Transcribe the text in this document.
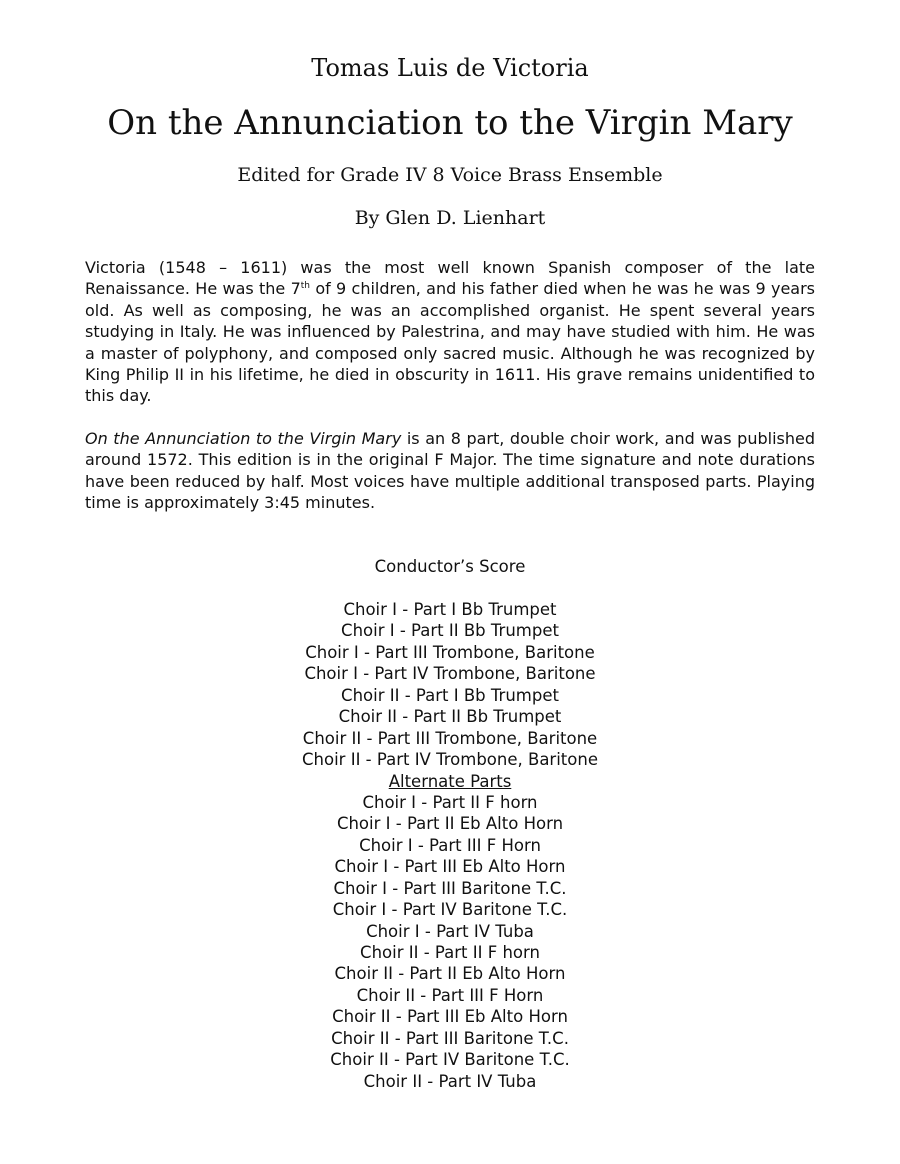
Tomas Luis de Victoria
On the Annunciation to the Virgin Mary
Edited for Grade IV 8 Voice Brass Ensemble
By Glen D. Lienhart

Victoria (1548 – 1611) was the most well known Spanish composer of the late Renaissance. He was the 7th of 9 children, and his father died when he was he was 9 years old. As well as composing, he was an accomplished organist. He spent several years studying in Italy. He was influenced by Palestrina, and may have studied with him. He was a master of polyphony, and composed only sacred music. Although he was recognized by King Philip II in his lifetime, he died in obscurity in 1611. His grave remains unidentified to this day.

On the Annunciation to the Virgin Mary is an 8 part, double choir work, and was published around 1572. This edition is in the original F Major. The time signature and note durations have been reduced by half. Most voices have multiple additional transposed parts. Playing time is approximately 3:45 minutes.

Conductor’s Score
Choir I - Part I Bb Trumpet
Choir I - Part II Bb Trumpet
Choir I - Part III Trombone, Baritone
Choir I - Part IV Trombone, Baritone
Choir II - Part I Bb Trumpet
Choir II - Part II Bb Trumpet
Choir II - Part III Trombone, Baritone
Choir II - Part IV Trombone, Baritone
Alternate Parts
Choir I - Part II F horn
Choir I - Part II Eb Alto Horn
Choir I - Part III F Horn
Choir I - Part III Eb Alto Horn
Choir I - Part III Baritone T.C.
Choir I - Part IV Baritone T.C.
Choir I - Part IV Tuba
Choir II - Part II F horn
Choir II - Part II Eb Alto Horn
Choir II - Part III F Horn
Choir II - Part III Eb Alto Horn
Choir II - Part III Baritone T.C.
Choir II - Part IV Baritone T.C.
Choir II - Part IV Tuba
